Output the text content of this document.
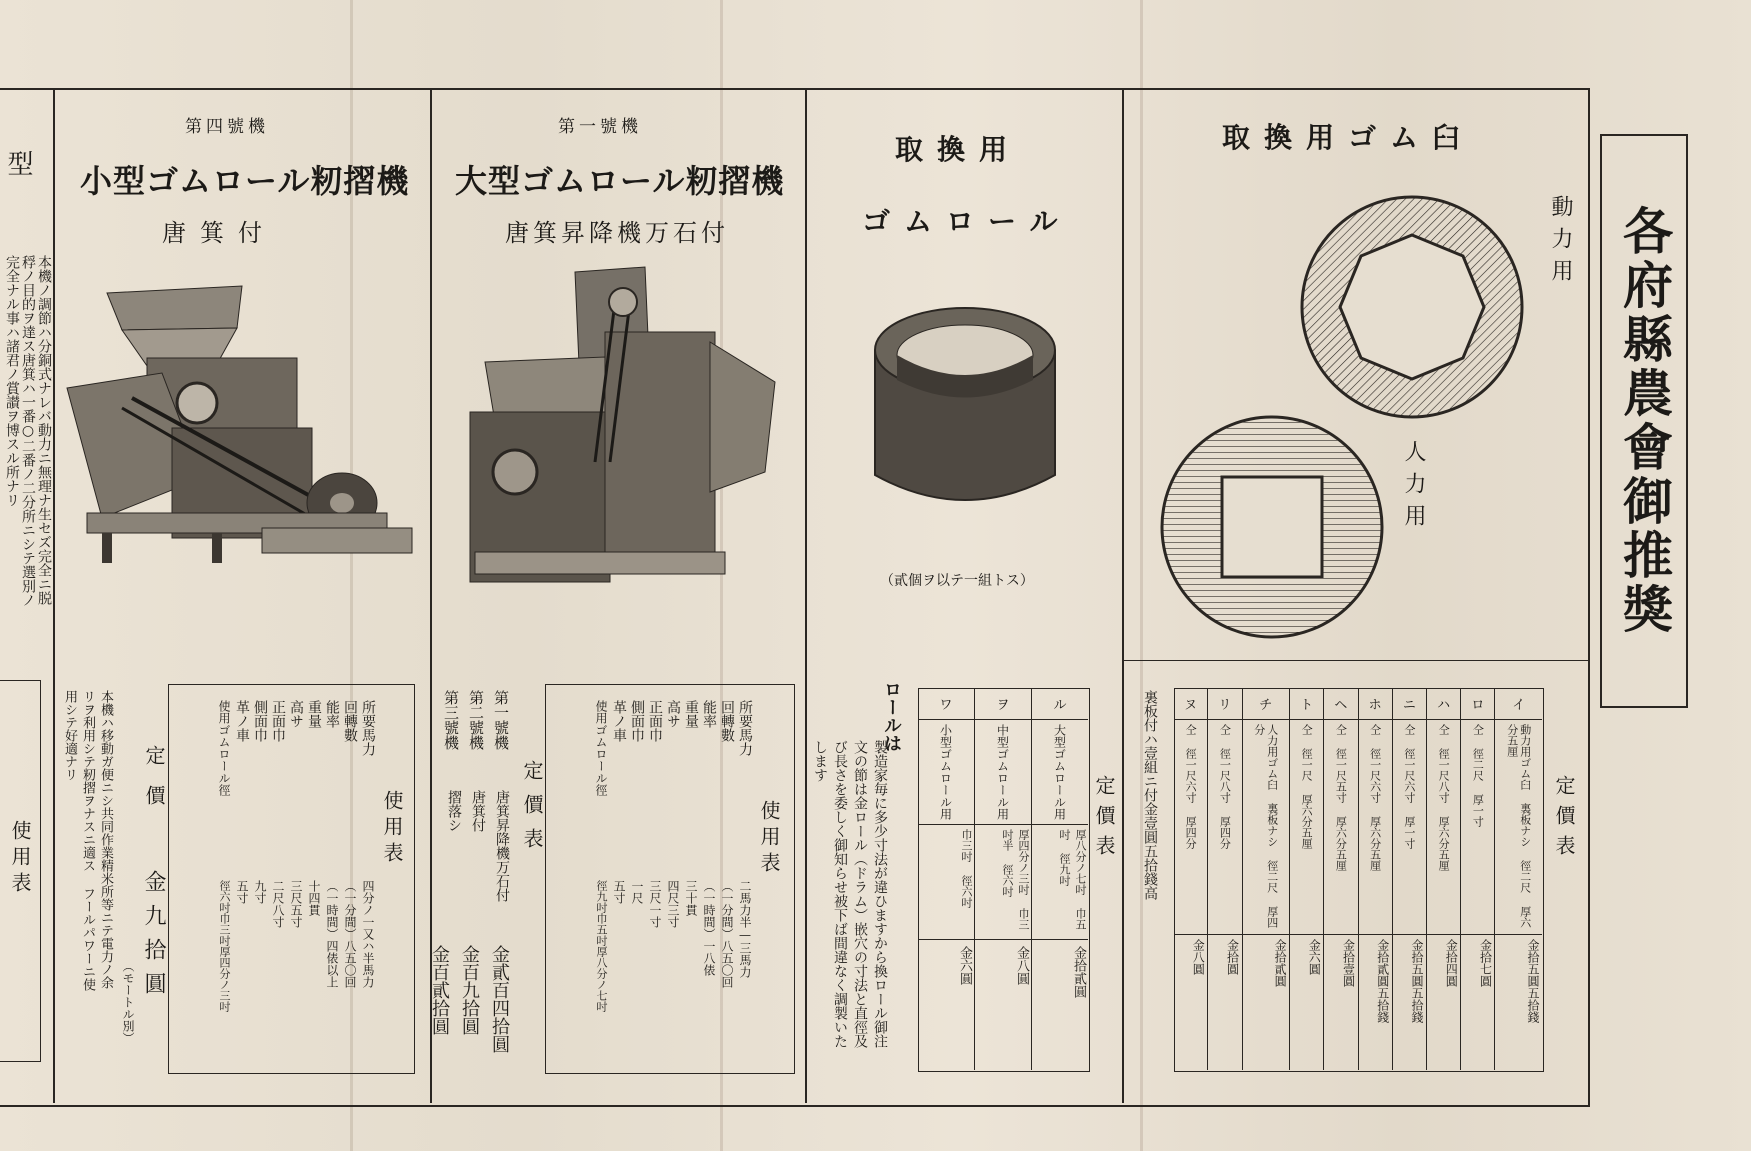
各府縣農會御推獎
型
本機ノ調節ハ分銅式ナレバ動力ニ無理ナ生セズ完全ニ脱稃ノ目的ヲ達ス唐箕ハ一番○二番ノ二分所ニシテ選別ノ完全ナル事ハ諸君ノ賞讃ヲ博スル所ナリ
使用表
第四號機
小型ゴムロール籾摺機
唐箕付
所要馬力
回轉數
能率
重量
高サ
正面巾
側面巾
革ノ車
使用ゴムロール徑
四分ノ一又ハ半馬力
（一分間）八五〇回
（一時間）四俵以上
十四貫
三尺五寸
二尺八寸
九寸
五寸
徑六吋巾三吋厚四分ノ三吋
使用表
定價
金九拾圓
（モートル別）
本機ハ移動ガ便ニシ共同作業精米所等ニテ電力ノ余リヲ利用シテ籾摺ヲナスニ適ス フールパワーニ使用シテ好適ナリ
第一號機
大型ゴムロール籾摺機
唐箕昇降機万石付
所要馬力
回轉數
能率
重量
高サ
正面巾
側面巾
革ノ車
使用ゴムロール徑
二馬力半—三馬力
（一分間）八五〇回
（一時間）一八俵
三十貫
四尺三寸
三尺一寸
一尺
五寸
徑九吋巾五吋厚八分ノ七吋
使用表
定價表
第一號機
第二號機
第三號機
唐箕昇降機万石付
唐箕付
摺落シ
金貳百四拾圓
金百九拾圓
金百貳拾圓
取換用
ゴムロール
（貳個ヲ以テ一組トス）
ロールは
製造家毎に多少寸法が違ひますから換ロール御注文の節は金ロール（ドラム）嵌穴の寸法と直徑及び長さを委しく御知らせ被下ば間違なく調製いたします
ル
大型ゴムロール用
厚八分ノ七吋 巾五吋 徑九吋
金拾貳圓
ヲ
中型ゴムロール用
厚四分ノ三吋 巾三吋半 徑六吋
金八圓
ワ
小型ゴムロール用
巾三吋 徑六吋
金六圓
定價表
取換用ゴム臼
動力用
人力用
裏板付ハ壹組ニ付金壹圓五拾錢高	イ
動力用ゴム臼 裏板ナシ 徑二尺 厚六分五厘
金拾五圓五拾錢
ロ
仝 徑二尺 厚一寸
金拾七圓
ハ
仝 徑一尺八寸 厚六分五厘
金拾四圓
ニ
仝 徑一尺六寸 厚一寸
金拾五圓五拾錢
ホ
仝 徑一尺六寸 厚六分五厘
金拾貳圓五拾錢
ヘ
仝 徑一尺五寸 厚六分五厘
金拾壹圓
ト
仝 徑一尺 厚六分五厘
金六圓
チ
人力用ゴム臼 裏板ナシ 徑二尺 厚四分
金拾貳圓
リ
仝 徑一尺八寸 厚四分
金拾圓
ヌ
仝 徑一尺六寸 厚四分
金八圓
定價表
